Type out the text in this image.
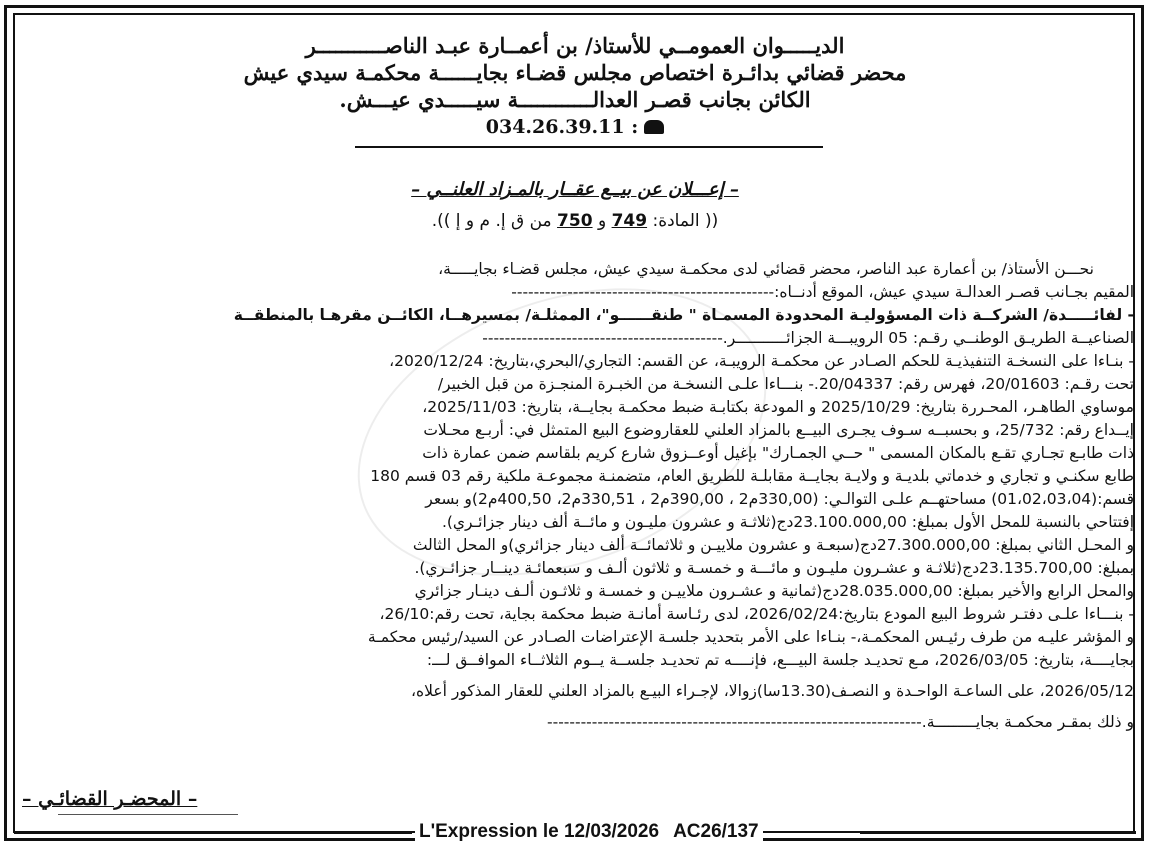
الديـــــوان العمومــي للأستاذ/ بن أعمــارة عبـد الناصـــــــــــر
محضر قضائي بدائـرة اختصاص مجلس قضـاء بجايــــــة محكمـة سيدي عيش
الكائن بجانب قصـر العدالــــــــــــة سيـــــدي عيـــش.
034.26.39.11 :
– إعـــلان عن بيــع عقــار بالمـزاد العلنــي –
(( المادة: 749 و 750 من ق إ. م و إ )).
نحـــن الأستاذ/ بن أعمارة عبد الناصر، محضر قضائي لدى محكمـة سيدي عيش، مجلس قضـاء بجايـــــة،
المقيم بجـانب قصـر العدالـة سيدي عيش، الموقع أدنــاه:-----------------------------------------------
- لفائـــــدة/ الشركــة ذات المسؤوليـة المحدودة المسمـاة " طنقــــــو"، الممثلـة/ بمسيرهــا، الكائــن مقرهـا بالمنطقــة
الصناعيــة الطريـق الوطنــي رقـم: 05 الرويبـــة الجزائـــــــــــر.-------------------------------------------
- بنـاءا على النسخـة التنفيذيـة للحكم الصـادر عن محكمـة الرويبـة، عن القسم: التجاري/البحري،بتاريخ: 2020/12/24،
تحت رقـم: 20/01603، فهرس رقم: 20/04337.- بنـــاءا علـى النسخـة من الخبـرة المنجـزة من قبل الخبير/
موساوي الطاهـر، المحـررة بتاريخ: 2025/10/29 و المودعة بكتابـة ضبط محكمـة بجايــة، بتاريخ: 2025/11/03،
إيــداع رقم: 25/732، و بحسبــه سـوف يجـرى البيــع بالمزاد العلني للعقاروضوع البيع المتمثل في: أربـع محـلات
ذات طابـع تجـاري تقـع بالمكان المسمى " حــي الجمـارك" بإغيل أوعــزوق شارع كريم بلقاسم ضمن عمارة ذات
طابع سكنـي و تجاري و خدماتي بلديـة و ولايـة بجايــة مقابلـة للطريق العام، متضمنـة مجموعـة ملكية رقم 03 قسم 180
قسم:(01،02،03،04) مساحتهــم علـى التوالـي: (330,00م2 ، 390,00م2 ، 330,51م2، 400,50م2)و بسعر
إفتتاحي بالنسبة للمحل الأول بمبلغ: 23.100.000,00دج(ثلاثـة و عشرون مليـون و مائــة ألف دينار جزائـري).
و المحـل الثاني بمبلغ: 27.300.000,00دج(سبعـة و عشرون ملاييـن و ثلاثمائــة ألف دينار جزائري)و المحل الثالث
بمبلغ: 23.135.700,00دج(ثلاثـة و عشـرون مليـون و مائـــة و خمسـة و ثلاثون ألـف و سبعمائـة دينــار جزائـري).
والمحل الرابع والأخير بمبلغ: 28.035.000,00دج(ثمانية و عشـرون ملاييـن و خمسـة و ثلاثـون ألـف دينـار جزائري
- بنـــاءا علـى دفتـر شروط البيع المودع بتاريخ:2026/02/24، لدى رئـاسة أمانـة ضبط محكمة بجاية، تحت رقم:26/10،
و المؤشر عليـه من طرف رئيـس المحكمـة،- بنـاءا على الأمر بتحديد جلسـة الإعتراضات الصـادر عن السيد/رئيس محكمـة
بجايــــة، بتاريخ: 2026/03/05، مـع تحديـد جلسة البيـــع، فإنــــه تم تحديـد جلســة يــوم الثلاثــاء الموافــق لـــ:
2026/05/12، على الساعـة الواحـدة و النصـف(13.30سا)زوالا، لإجـراء البيـع بالمزاد العلني للعقار المذكور أعلاه،
و ذلك بمقـر محكمـة بجايـــــــــة.-------------------------------------------------------------------
– المحضـر القضائـي –
L'Expression le 12/03/2026 AC26/137
